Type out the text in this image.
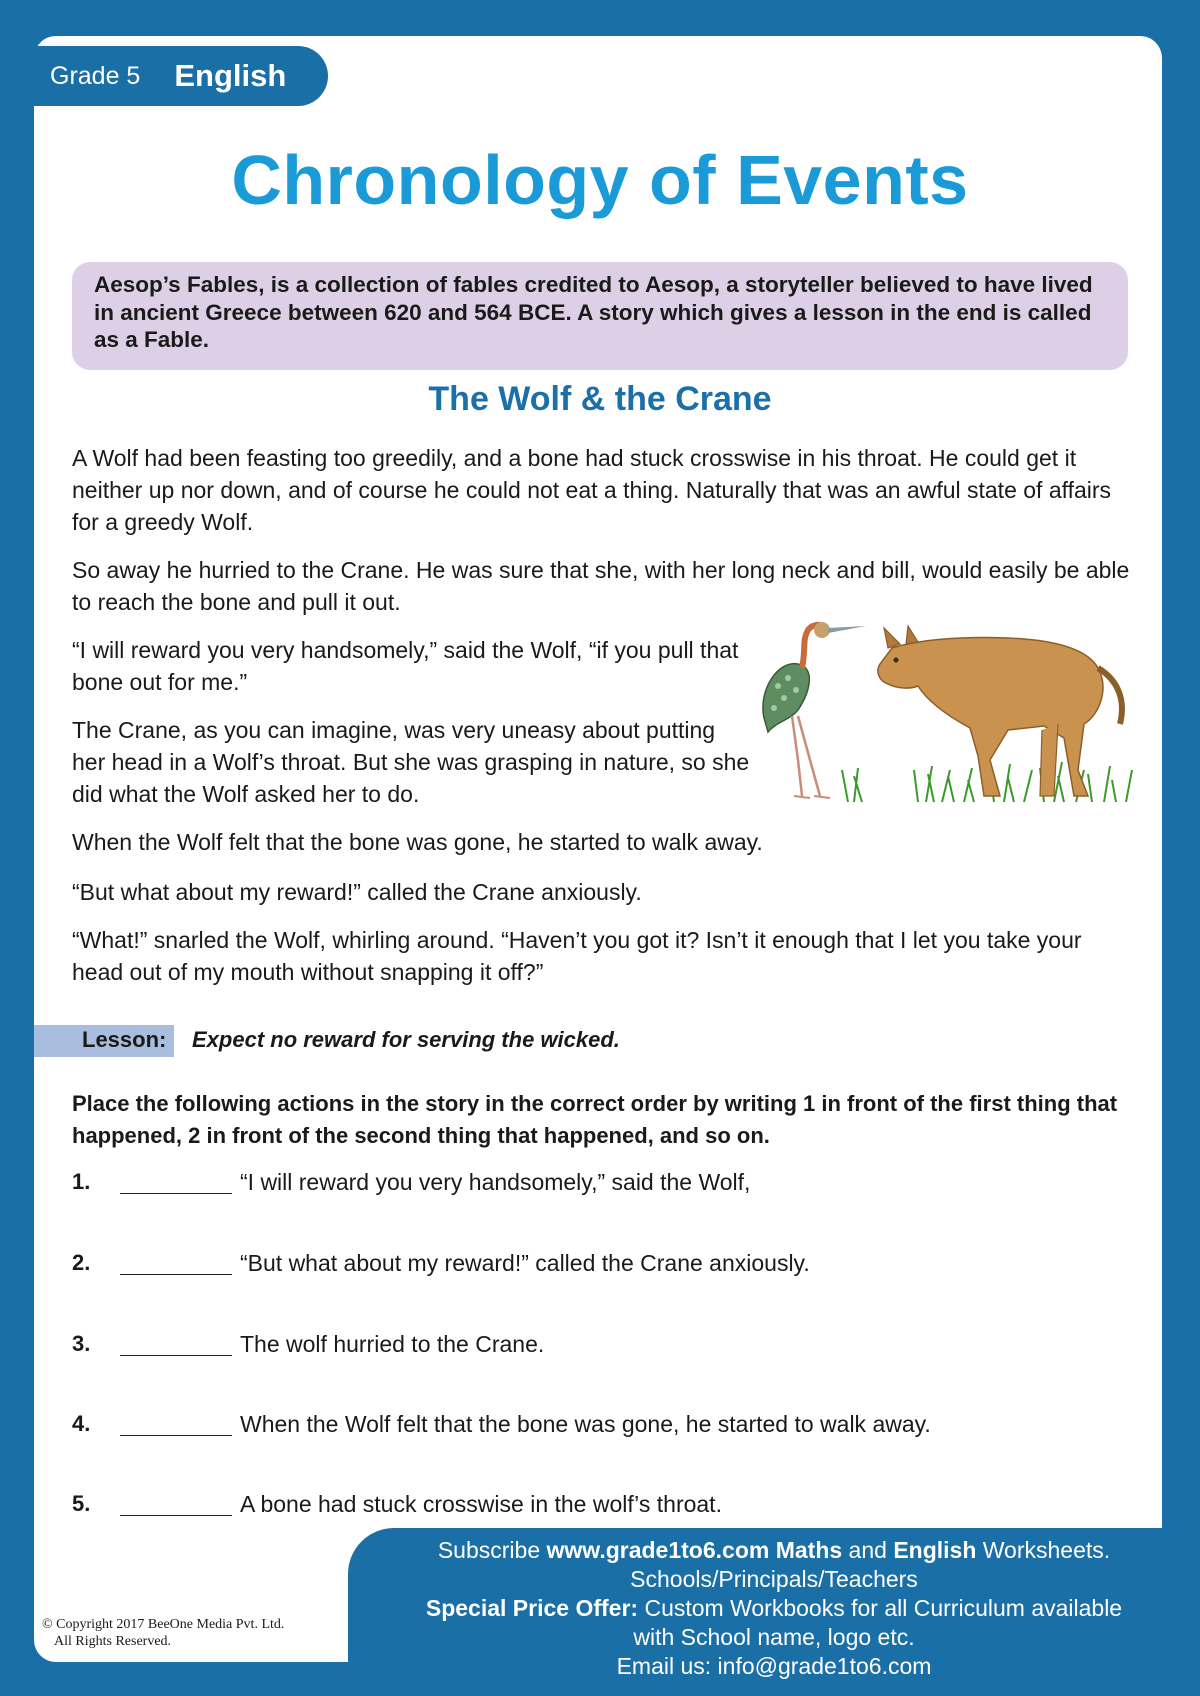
Grade 5 English
Chronology of Events

Aesop’s Fables, is a collection of fables credited to Aesop, a storyteller believed to have lived in ancient Greece between 620 and 564 BCE. A story which gives a lesson in the end is called as a Fable.

The Wolf & the Crane

A Wolf had been feasting too greedily, and a bone had stuck crosswise in his throat. He could get it neither up nor down, and of course he could not eat a thing. Naturally that was an awful state of affairs for a greedy Wolf.

So away he hurried to the Crane. He was sure that she, with her long neck and bill, would easily be able to reach the bone and pull it out.

“I will reward you very handsomely,” said the Wolf, “if you pull that bone out for me.”

The Crane, as you can imagine, was very uneasy about putting her head in a Wolf’s throat. But she was grasping in nature, so she did what the Wolf asked her to do.

When the Wolf felt that the bone was gone, he started to walk away.

“But what about my reward!” called the Crane anxiously.

“What!” snarled the Wolf, whirling around. “Haven’t you got it? Isn’t it enough that I let you take your head out of my mouth without snapping it off?”

Lesson: Expect no reward for serving the wicked.

Place the following actions in the story in the correct order by writing 1 in front of the first thing that happened, 2 in front of the second thing that happened, and so on.

1.	“I will reward you very handsomely,” said the Wolf,
2.	“But what about my reward!” called the Crane anxiously.
3.	The wolf hurried to the Crane.
4.	When the Wolf felt that the bone was gone, he started to walk away.
5.	A bone had stuck crosswise in the wolf’s throat.
Subscribe www.grade1to6.com Maths and English Worksheets.
Schools/Principals/Teachers
Special Price Offer: Custom Workbooks for all Curriculum available
with School name, logo etc.
Email us: info@grade1to6.com
© Copyright 2017 BeeOne Media Pvt. Ltd.
All Rights Reserved.
